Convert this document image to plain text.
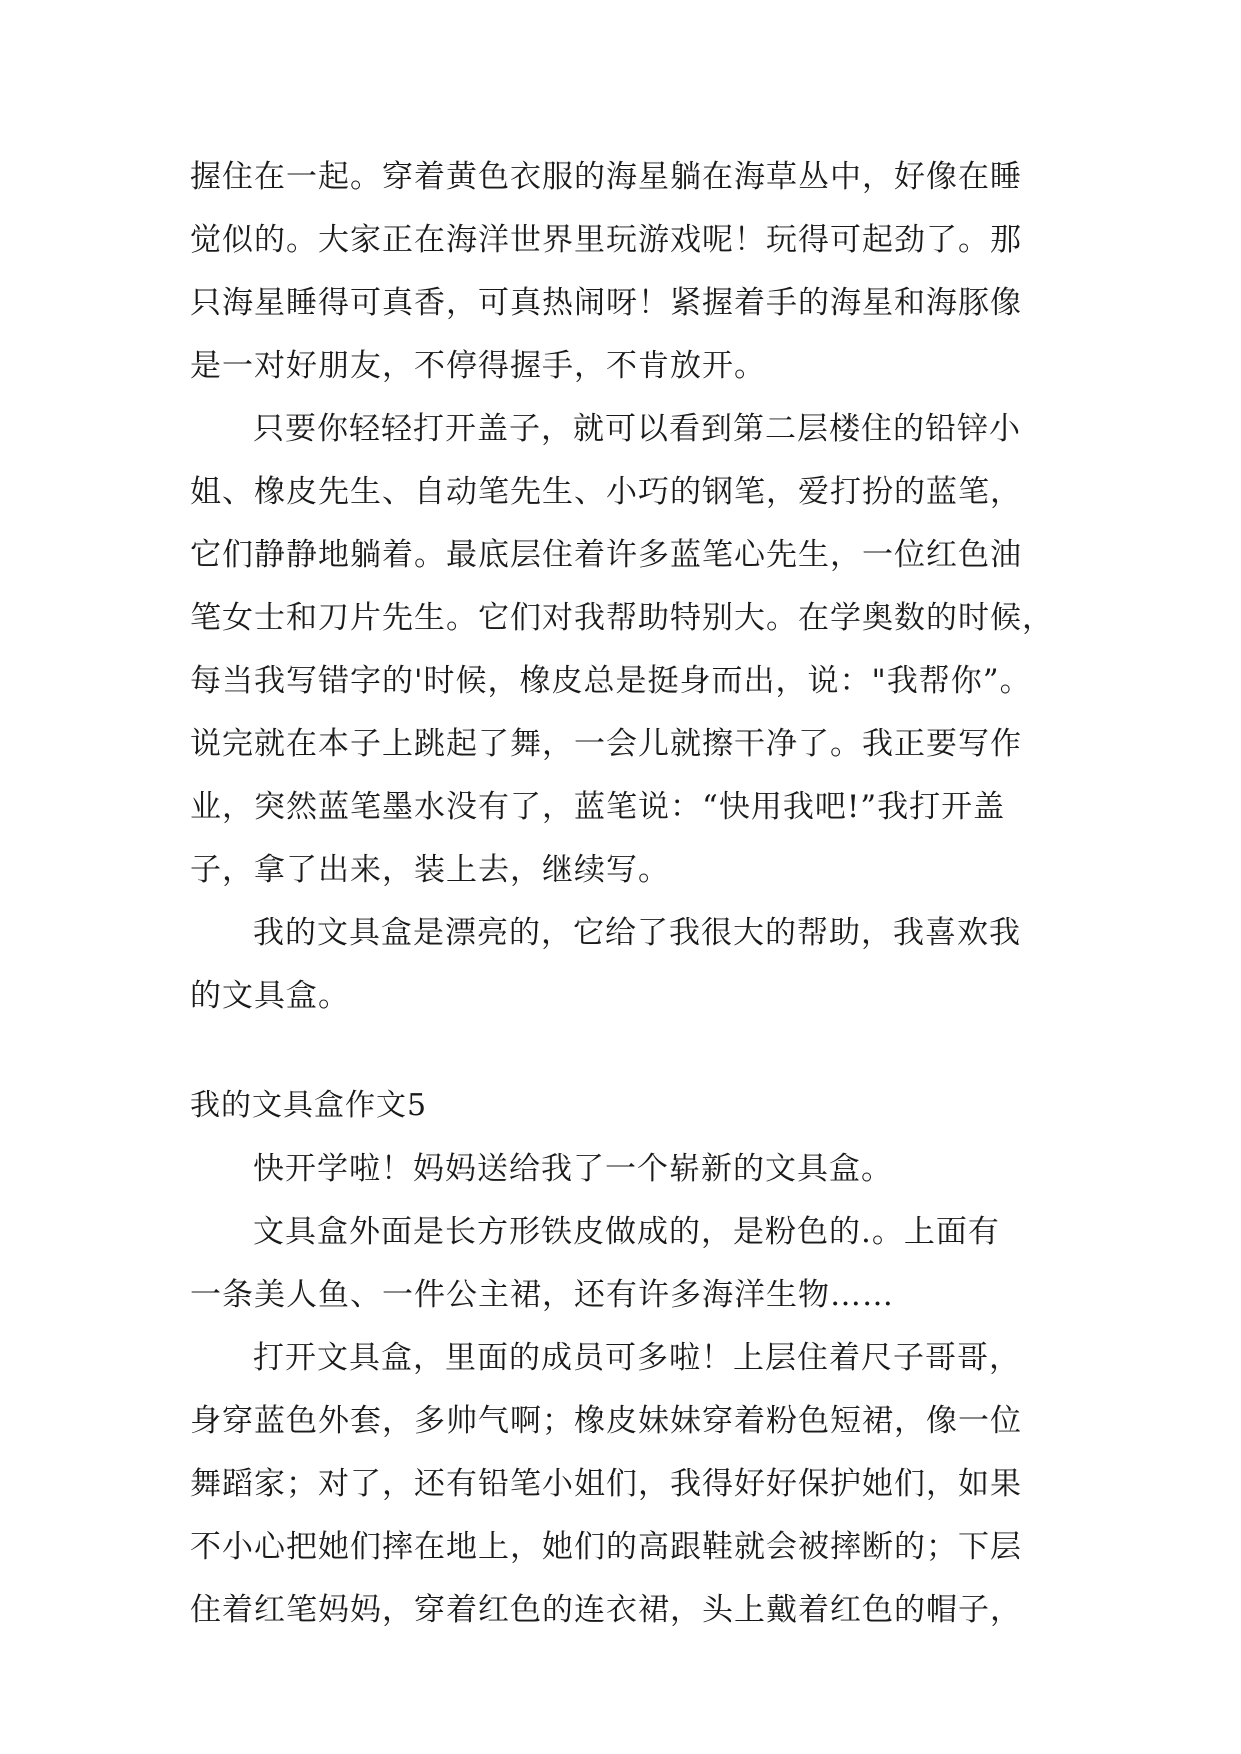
握住在一起。穿着黄色衣服的海星躺在海草丛中，好像在睡

觉似的。大家正在海洋世界里玩游戏呢！玩得可起劲了。那

只海星睡得可真香，可真热闹呀！紧握着手的海星和海豚像

是一对好朋友，不停得握手，不肯放开。

只要你轻轻打开盖子，就可以看到第二层楼住的铅锌小

姐、橡皮先生、自动笔先生、小巧的钢笔，爱打扮的蓝笔，

它们静静地躺着。最底层住着许多蓝笔心先生，一位红色油

笔女士和刀片先生。它们对我帮助特别大。在学奥数的时候，

每当我写错字的'时候，橡皮总是挺身而出，说："我帮你”。

说完就在本子上跳起了舞，一会儿就擦干净了。我正要写作

业，突然蓝笔墨水没有了，蓝笔说：“快用我吧!”我打开盖

子，拿了出来，装上去，继续写。

我的文具盒是漂亮的，它给了我很大的帮助，我喜欢我

的文具盒。

我的文具盒作文5

快开学啦！妈妈送给我了一个崭新的文具盒。

文具盒外面是长方形铁皮做成的，是粉色的.。上面有

一条美人鱼、一件公主裙，还有许多海洋生物……

打开文具盒，里面的成员可多啦！上层住着尺子哥哥，

身穿蓝色外套，多帅气啊；橡皮妹妹穿着粉色短裙，像一位

舞蹈家；对了，还有铅笔小姐们，我得好好保护她们，如果

不小心把她们摔在地上，她们的高跟鞋就会被摔断的；下层

住着红笔妈妈，穿着红色的连衣裙，头上戴着红色的帽子，
